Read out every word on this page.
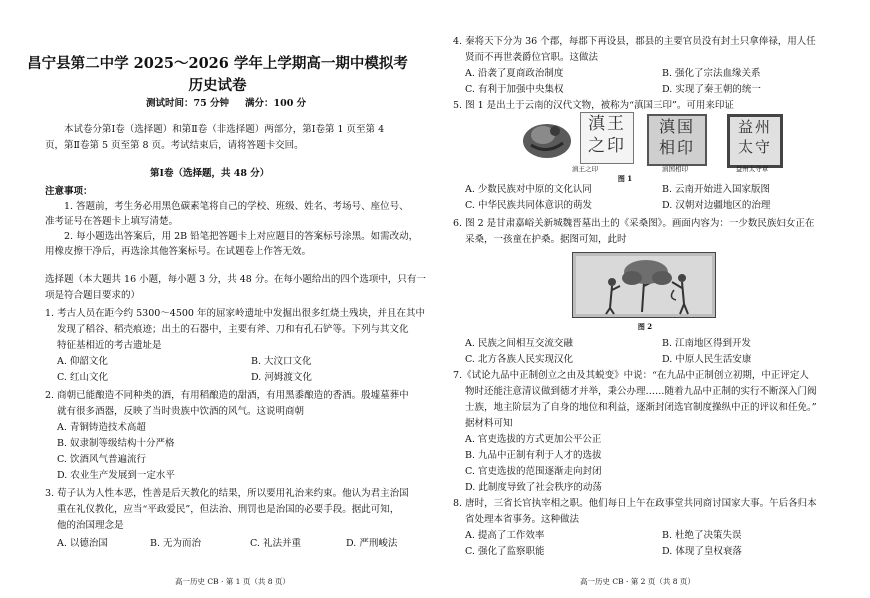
昌宁县第二中学 2025～2026 学年上学期高一期中模拟考
历史试卷
测试时间：75 分钟 满分：100 分
本试卷分第Ⅰ卷（选择题）和第Ⅱ卷（非选择题）两部分，第Ⅰ卷第 1 页至第 4
页，第Ⅱ卷第 5 页至第 8 页。考试结束后，请将答题卡交回。
第Ⅰ卷（选择题，共 48 分）
注意事项：
1. 答题前，考生务必用黑色碳素笔将自己的学校、班级、姓名、考场号、座位号、
准考证号在答题卡上填写清楚。
2. 每小题选出答案后，用 2B 铅笔把答题卡上对应题目的答案标号涂黑。如需改动，
用橡皮擦干净后，再选涂其他答案标号。在试题卷上作答无效。
选择题（本大题共 16 小题，每小题 3 分，共 48 分。在每小题给出的四个选项中，只有一
项是符合题目要求的）
1. 考古人员在距今约 5300～4500 年的屈家岭遗址中发掘出很多红烧土残块，并且在其中
发现了稻谷、稻壳痕迹；出土的石器中，主要有斧、刀和有孔石铲等。下列与其文化
特征基相近的考古遗址是
A. 仰韶文化	B. 大汶口文化
C. 红山文化	D. 河姆渡文化
2. 商朝已能酿造不同种类的酒，有用稻酿造的甜酒，有用黑黍酿造的香酒。殷墟墓葬中
就有很多酒器，反映了当时贵族中饮酒的风气。这说明商朝
A. 青铜铸造技术高超
B. 奴隶制等级结构十分严格
C. 饮酒风气普遍流行
D. 农业生产发展到一定水平
3. 荀子认为人性本恶，性善是后天教化的结果，所以要用礼治来约束。他认为君主治国
重在礼仪教化，应当“平政爱民”，但法治、刑罚也是治国的必要手段。据此可知，
他的治国理念是
A. 以德治国	B. 无为而治	C. 礼法并重	D. 严刑峻法
高一历史 CB · 第 1 页（共 8 页）
4. 秦将天下分为 36 个郡，每郡下再设县，郡县的主要官员没有封土只拿俸禄，用人任
贤而不再世袭爵位官职。这做法
A. 沿袭了夏商政治制度	B. 强化了宗法血缘关系
C. 有利于加强中央集权	D. 实现了秦王朝的统一
5. 图 1 是出土于云南的汉代文物，被称为“滇国三印”。可用来印证
滇王
之印
滇王之印
滇国
相印
滇国相印
图 1
益州
太守
益州太守章
A. 少数民族对中原的文化认同	B. 云南开始进入国家版图
C. 中华民族共同体意识的萌发	D. 汉朝对边疆地区的治理
6. 图 2 是甘肃嘉峪关新城魏晋墓出土的《采桑图》。画面内容为：一少数民族妇女正在
采桑，一孩童在护桑。据图可知，此时
图 2
A. 民族之间相互交流交融	B. 江南地区得到开发
C. 北方各族人民实现汉化	D. 中原人民生活安康
7.《试论九品中正制创立之由及其蜕变》中说：“在九品中正制创立初期，中正评定人
物时还能注意清议做到德才并举，秉公办理……随着九品中正制的实行不断深入门阀
士族，地主阶层为了自身的地位和利益，逐渐封闭选官制度操纵中正的评议和任免。”
据材料可知
A. 官吏选拔的方式更加公平公正
B. 九品中正制有利于人才的选拔
C. 官吏选拔的范围逐渐走向封闭
D. 此制度导致了社会秩序的动荡
8. 唐时，三省长官执宰相之职。他们每日上午在政事堂共同商讨国家大事。午后各归本
省处理本省事务。这种做法
A. 提高了工作效率	B. 杜绝了决策失误
C. 强化了监察职能	D. 体现了皇权衰落
高一历史 CB · 第 2 页（共 8 页）
